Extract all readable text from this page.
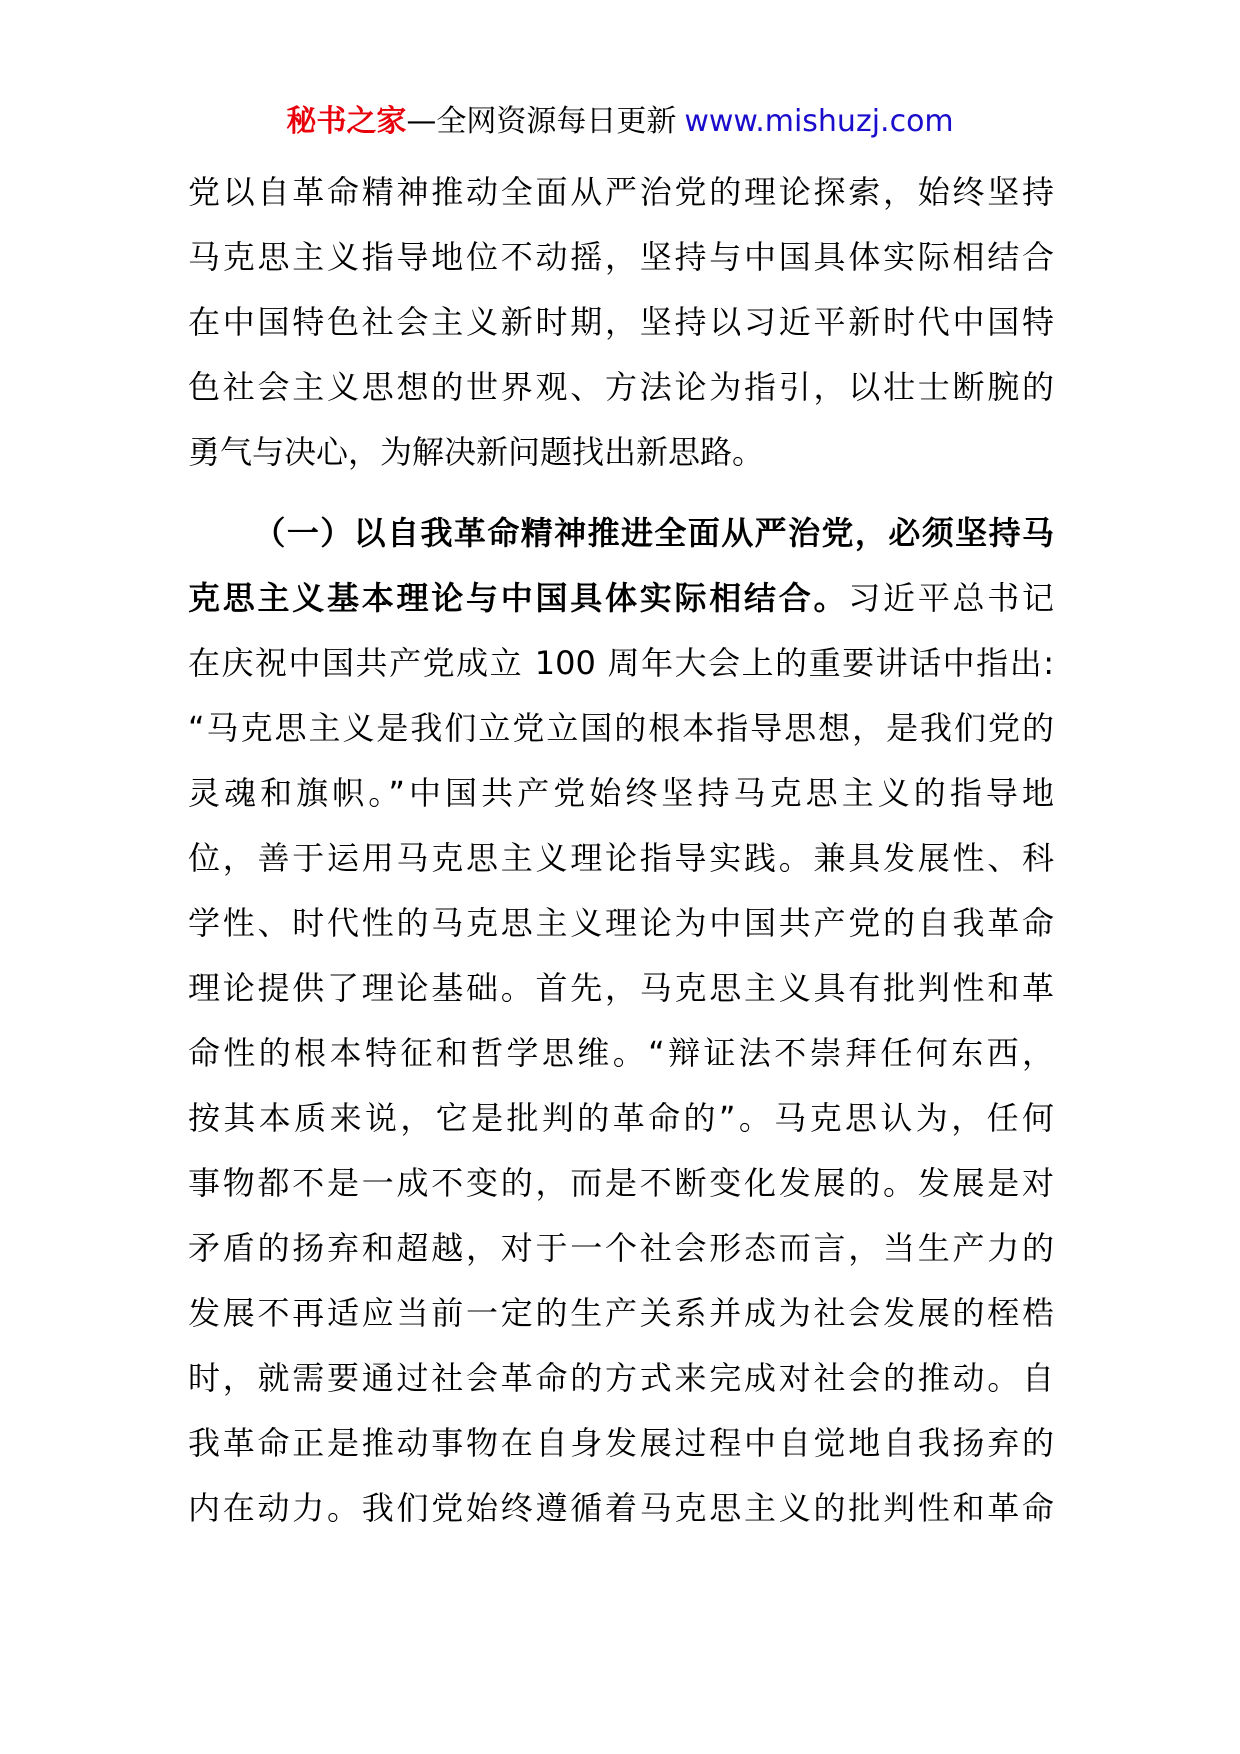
秘书之家—全网资源每日更新 www.mishuzj.com
党以自革命精神推动全面从严治党的理论探索，始终坚持
马克思主义指导地位不动摇，坚持与中国具体实际相结合
在中国特色社会主义新时期，坚持以习近平新时代中国特
色社会主义思想的世界观、方法论为指引，以壮士断腕的
勇气与决心，为解决新问题找出新思路。
（一）以自我革命精神推进全面从严治党，必须坚持马
克思主义基本理论与中国具体实际相结合。习近平总书记
在庆祝中国共产党成立 100 周年大会上的重要讲话中指出:
“马克思主义是我们立党立国的根本指导思想，是我们党的
灵魂和旗帜。”中国共产党始终坚持马克思主义的指导地
位，善于运用马克思主义理论指导实践。兼具发展性、科
学性、时代性的马克思主义理论为中国共产党的自我革命
理论提供了理论基础。首先，马克思主义具有批判性和革
命性的根本特征和哲学思维。“辩证法不崇拜任何东西，
按其本质来说，它是批判的革命的”。马克思认为，任何
事物都不是一成不变的，而是不断变化发展的。发展是对
矛盾的扬弃和超越，对于一个社会形态而言，当生产力的
发展不再适应当前一定的生产关系并成为社会发展的桎梏
时，就需要通过社会革命的方式来完成对社会的推动。自
我革命正是推动事物在自身发展过程中自觉地自我扬弃的
内在动力。我们党始终遵循着马克思主义的批判性和革命
